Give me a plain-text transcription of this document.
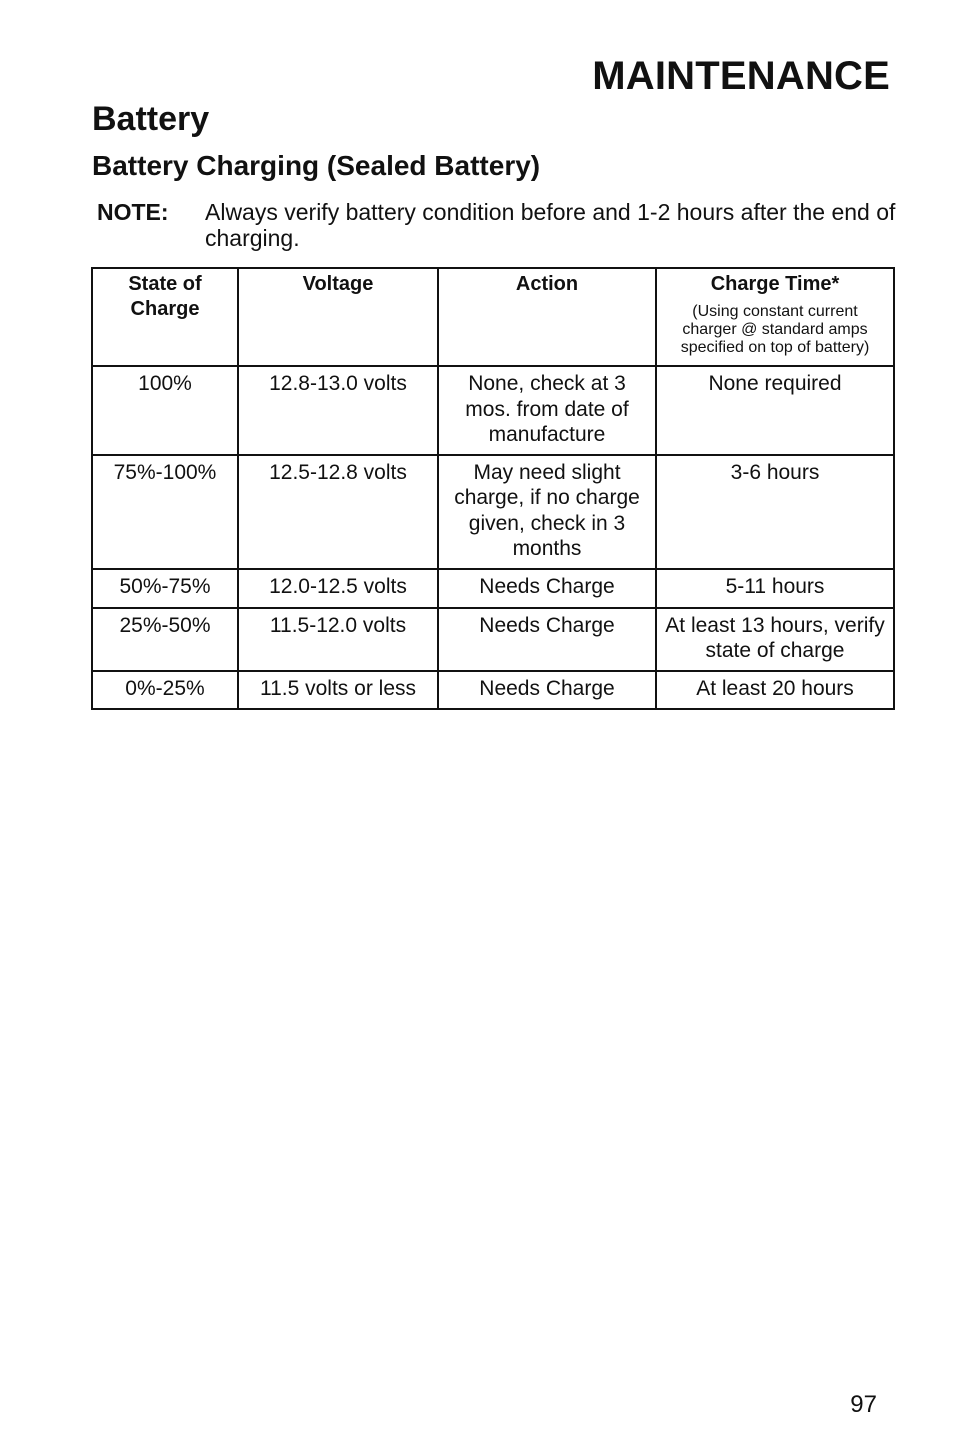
MAINTENANCE
Battery
Battery Charging (Sealed Battery)
NOTE:	Always verify battery condition before and 1-2 hours after the end of charging.
State of Charge	Voltage	Action	Charge Time*
(Using constant current charger @ standard amps specified on top of battery)

100%	12.8-13.0 volts	None, check at 3 mos. from date of manufacture	None required
75%-100%	12.5-12.8 volts	May need slight charge, if no charge given, check in 3 months	3-6 hours
50%-75%	12.0-12.5 volts	Needs Charge	5-11 hours
25%-50%	11.5-12.0 volts	Needs Charge	At least 13 hours, verify state of charge
0%-25%	11.5 volts or less	Needs Charge	At least 20 hours
97
